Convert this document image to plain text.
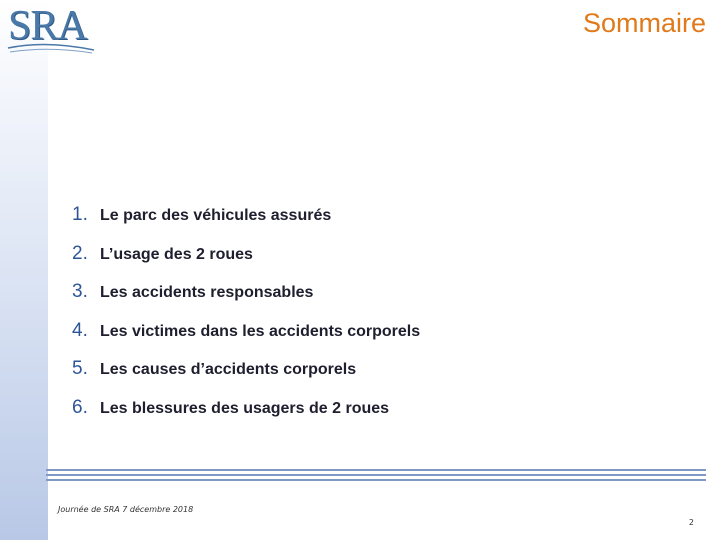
SRA	Sommaire
1. Le parc des véhicules assurés
2. L’usage des 2 roues
3. Les accidents responsables
4. Les victimes dans les accidents corporels
5. Les causes d’accidents corporels
6. Les blessures des usagers de 2 roues
Journée de SRA 7 décembre 2018
2
